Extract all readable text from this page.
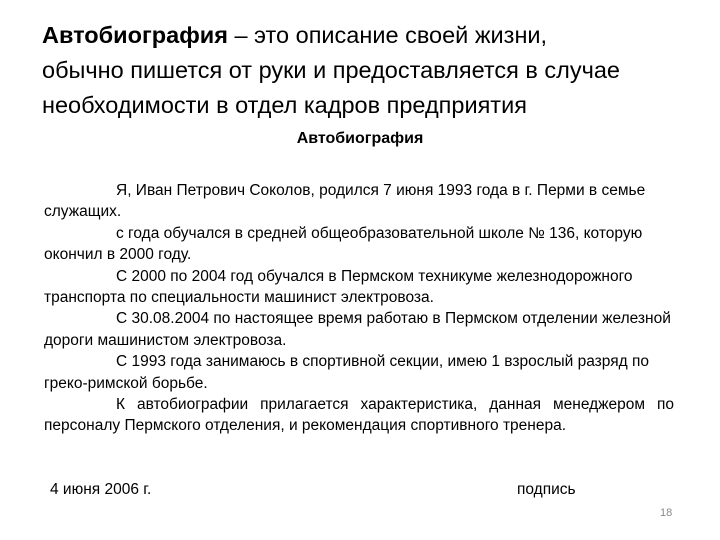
Автобиография – это описание своей жизни,
обычно пишется от руки и предоставляется в случае
необходимости в отдел кадров предприятия
Автобиография

Я, Иван Петрович Соколов, родился 7 июня 1993 года в г. Перми в семье служащих.

с года обучался в средней общеобразовательной школе № 136, которую окончил в 2000 году.

С 2000 по 2004 год обучался в Пермском техникуме железнодорожного транспорта по специальности машинист электровоза.

С 30.08.2004 по настоящее время работаю в Пермском отделении железной дороги машинистом электровоза.

С 1993 года занимаюсь в спортивной секции, имею 1 взрослый разряд по греко-римской борьбе.

К автобиографии прилагается характеристика, данная менеджером по персоналу Пермского отделения, и рекомендация спортивного тренера.

4 июня 2006 г.	подпись
18
